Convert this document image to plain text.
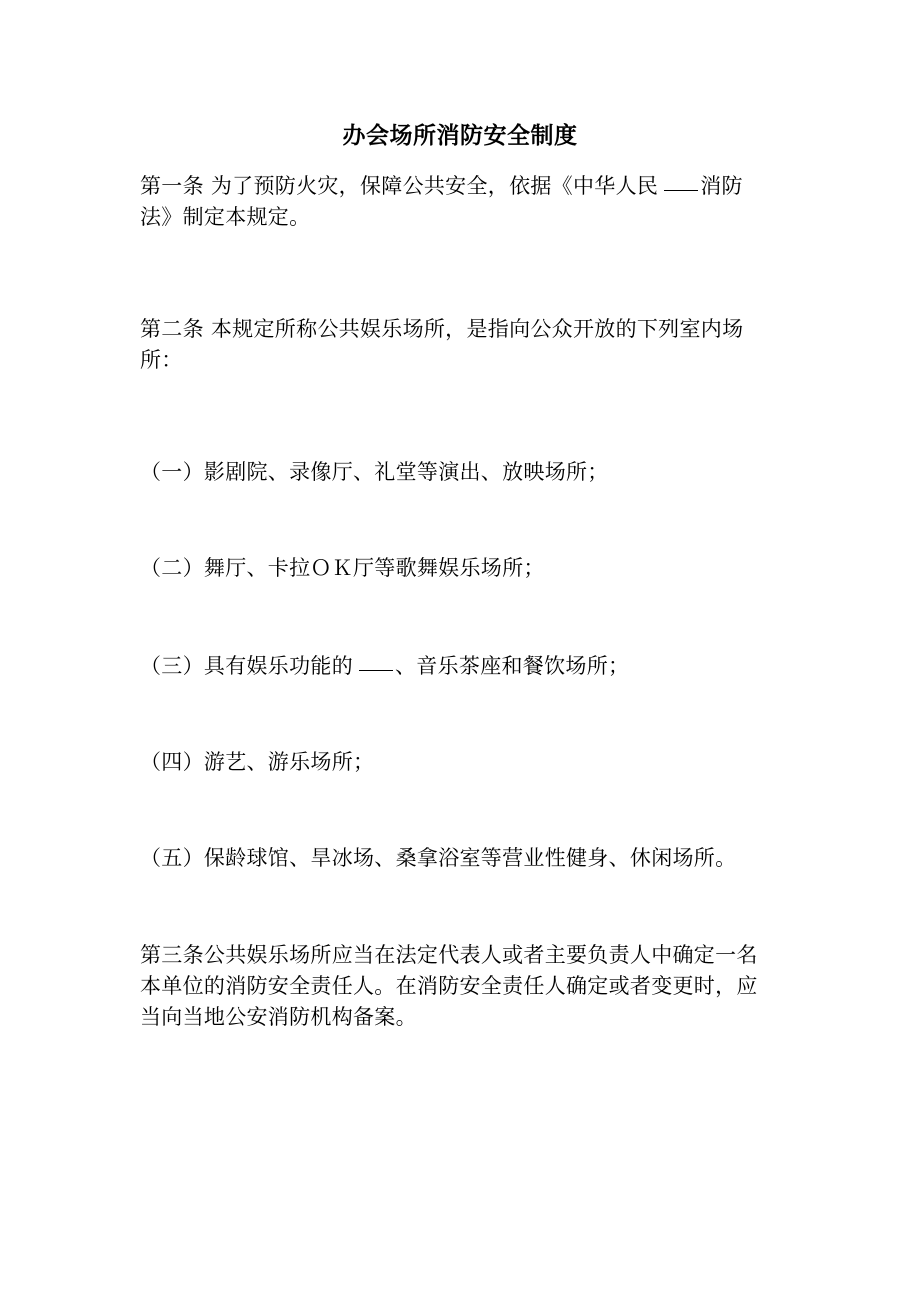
办会场所消防安全制度
第一条 为了预防火灾，保障公共安全，依据《中华人民 消防
法》制定本规定。
第二条 本规定所称公共娱乐场所，是指向公众开放的下列室内场
所：
（一）影剧院、录像厅、礼堂等演出、放映场所；
（二）舞厅、卡拉ＯＫ厅等歌舞娱乐场所；
（三）具有娱乐功能的 、音乐茶座和餐饮场所；
（四）游艺、游乐场所；
（五）保龄球馆、旱冰场、桑拿浴室等营业性健身、休闲场所。
第三条公共娱乐场所应当在法定代表人或者主要负责人中确定一名
本单位的消防安全责任人。在消防安全责任人确定或者变更时，应
当向当地公安消防机构备案。
